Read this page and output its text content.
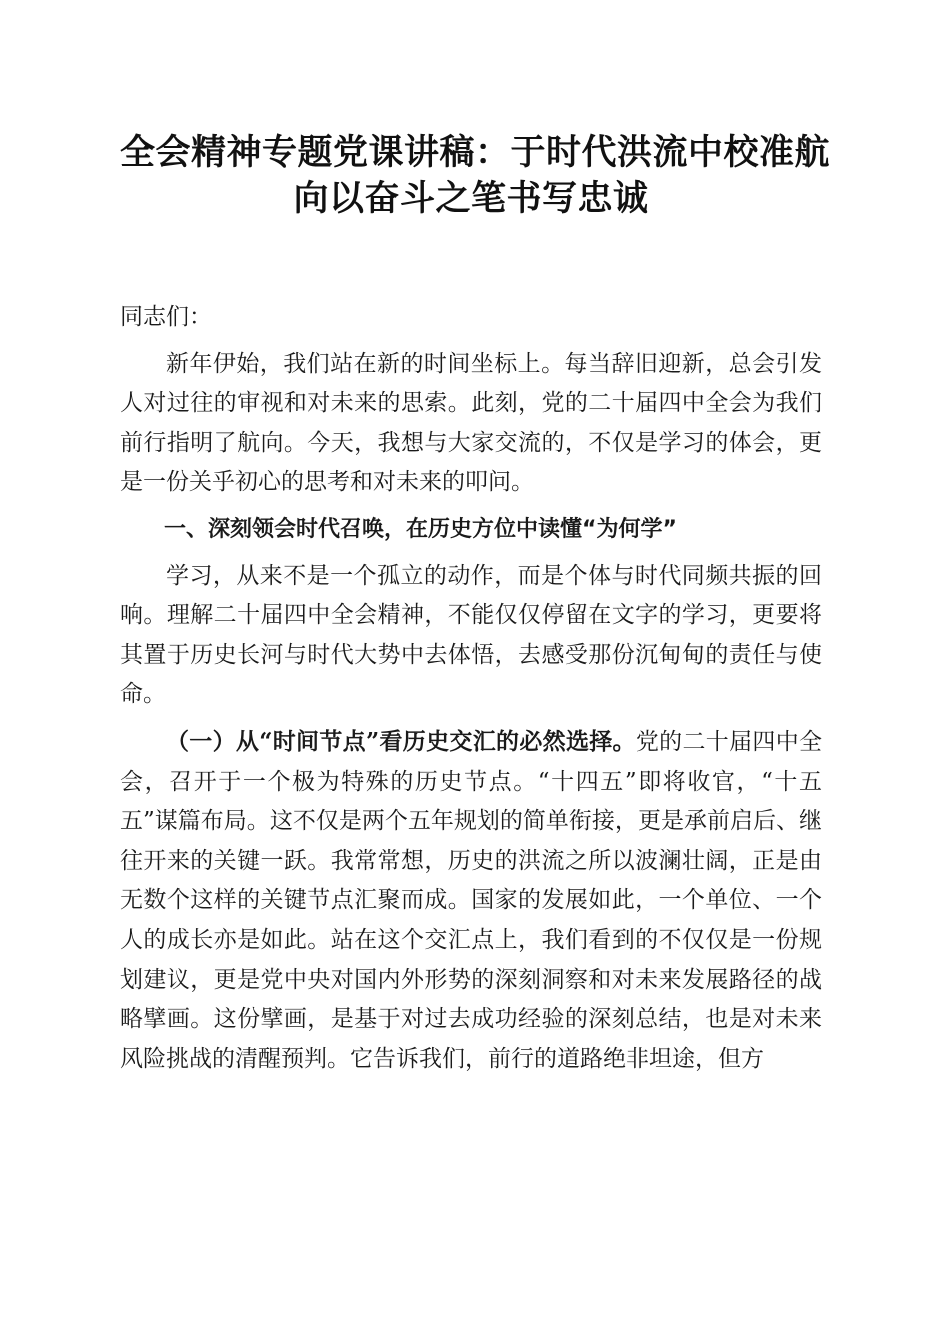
全会精神专题党课讲稿：于时代洪流中校准航
向以奋斗之笔书写忠诚

同志们：

新年伊始，我们站在新的时间坐标上。每当辞旧迎新，总会引发人对过往的审视和对未来的思索。此刻，党的二十届四中全会为我们前行指明了航向。今天，我想与大家交流的，不仅是学习的体会，更是一份关乎初心的思考和对未来的叩问。

一、深刻领会时代召唤，在历史方位中读懂“为何学”

学习，从来不是一个孤立的动作，而是个体与时代同频共振的回响。理解二十届四中全会精神，不能仅仅停留在文字的学习，更要将其置于历史长河与时代大势中去体悟，去感受那份沉甸甸的责任与使命。

（一）从“时间节点”看历史交汇的必然选择。党的二十届四中全会，召开于一个极为特殊的历史节点。“十四五”即将收官，“十五五”谋篇布局。这不仅是两个五年规划的简单衔接，更是承前启后、继往开来的关键一跃。我常常想，历史的洪流之所以波澜壮阔，正是由无数个这样的关键节点汇聚而成。国家的发展如此，一个单位、一个人的成长亦是如此。站在这个交汇点上，我们看到的不仅仅是一份规划建议，更是党中央对国内外形势的深刻洞察和对未来发展路径的战略擘画。这份擘画，是基于对过去成功经验的深刻总结，也是对未来风险挑战的清醒预判。它告诉我们，前行的道路绝非坦途，但方
